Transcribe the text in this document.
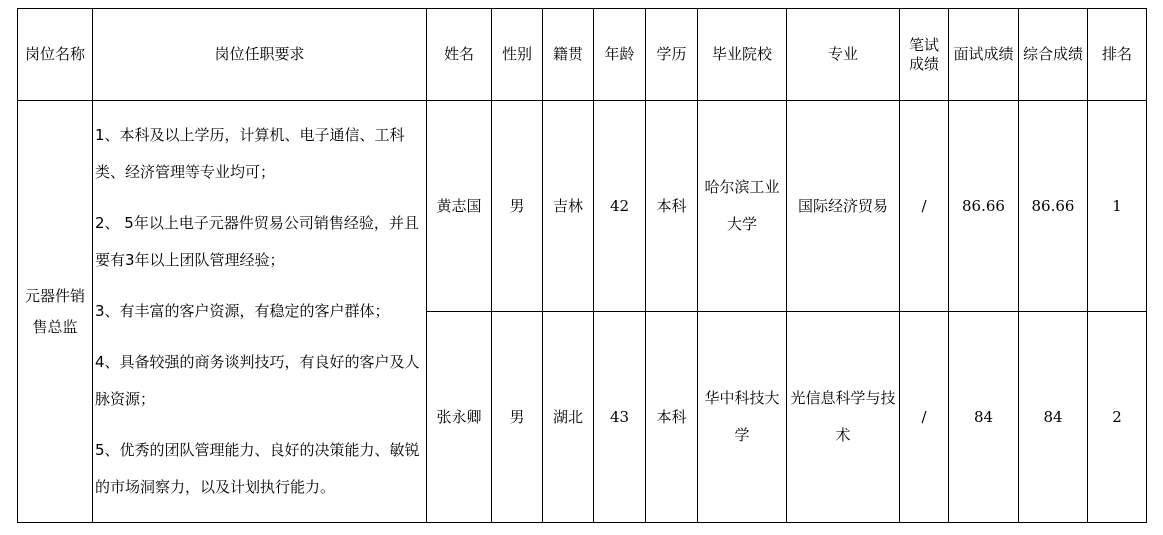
岗位名称	岗位任职要求	姓名	性别	籍贯	年龄	学历	毕业院校	专业	笔试成绩	面试成绩	综合成绩	排名

元器件销售总监	1、本科及以上学历，计算机、电子通信、工科类、经济管理等专业均可；
2、 5年以上电子元器件贸易公司销售经验，并且要有3年以上团队管理经验；
3、有丰富的客户资源，有稳定的客户群体；
4、具备较强的商务谈判技巧，有良好的客户及人脉资源；
5、优秀的团队管理能力、良好的决策能力、敏锐的市场洞察力，以及计划执行能力。	黄志国	男	吉林	42	本科	哈尔滨工业大学	国际经济贸易	/	86.66	86.66	1
		张永卿	男	湖北	43	本科	华中科技大学	光信息科学与技术	/	84	84	2
